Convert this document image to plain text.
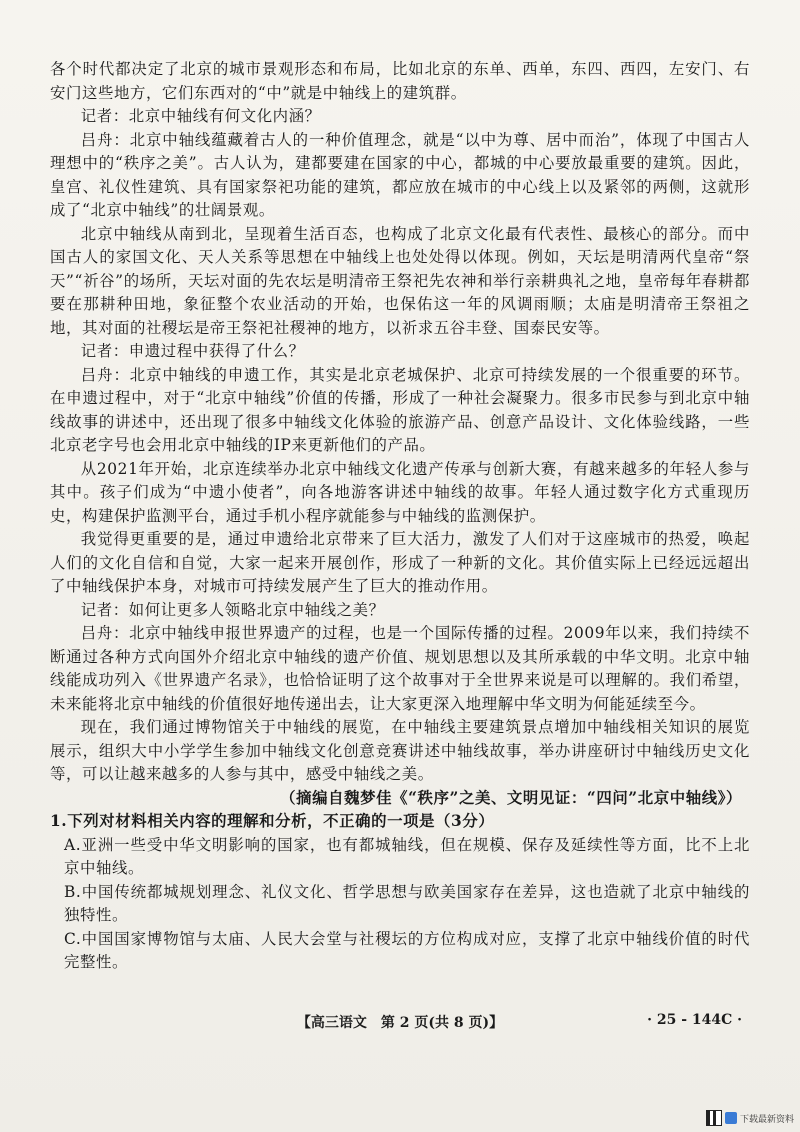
各个时代都决定了北京的城市景观形态和布局，比如北京的东单、西单，东四、西四，左安门、右安门这些地方，它们东西对的“中”就是中轴线上的建筑群。

记者：北京中轴线有何文化内涵？

吕舟：北京中轴线蕴藏着古人的一种价值理念，就是“以中为尊、居中而治”，体现了中国古人理想中的“秩序之美”。古人认为，建都要建在国家的中心，都城的中心要放最重要的建筑。因此，皇宫、礼仪性建筑、具有国家祭祀功能的建筑，都应放在城市的中心线上以及紧邻的两侧，这就形成了“北京中轴线”的壮阔景观。

北京中轴线从南到北，呈现着生活百态，也构成了北京文化最有代表性、最核心的部分。而中国古人的家国文化、天人关系等思想在中轴线上也处处得以体现。例如，天坛是明清两代皇帝“祭天”“祈谷”的场所，天坛对面的先农坛是明清帝王祭祀先农神和举行亲耕典礼之地，皇帝每年春耕都要在那耕种田地，象征整个农业活动的开始，也保佑这一年的风调雨顺；太庙是明清帝王祭祖之地，其对面的社稷坛是帝王祭祀社稷神的地方，以祈求五谷丰登、国泰民安等。

记者：申遗过程中获得了什么？

吕舟：北京中轴线的申遗工作，其实是北京老城保护、北京可持续发展的一个很重要的环节。在申遗过程中，对于“北京中轴线”价值的传播，形成了一种社会凝聚力。很多市民参与到北京中轴线故事的讲述中，还出现了很多中轴线文化体验的旅游产品、创意产品设计、文化体验线路，一些北京老字号也会用北京中轴线的IP来更新他们的产品。

从2021年开始，北京连续举办北京中轴线文化遗产传承与创新大赛，有越来越多的年轻人参与其中。孩子们成为“中遗小使者”，向各地游客讲述中轴线的故事。年轻人通过数字化方式重现历史，构建保护监测平台，通过手机小程序就能参与中轴线的监测保护。

我觉得更重要的是，通过申遗给北京带来了巨大活力，激发了人们对于这座城市的热爱，唤起人们的文化自信和自觉，大家一起来开展创作，形成了一种新的文化。其价值实际上已经远远超出了中轴线保护本身，对城市可持续发展产生了巨大的推动作用。

记者：如何让更多人领略北京中轴线之美？

吕舟：北京中轴线申报世界遗产的过程，也是一个国际传播的过程。2009年以来，我们持续不断通过各种方式向国外介绍北京中轴线的遗产价值、规划思想以及其所承载的中华文明。北京中轴线能成功列入《世界遗产名录》，也恰恰证明了这个故事对于全世界来说是可以理解的。我们希望，未来能将北京中轴线的价值很好地传递出去，让大家更深入地理解中华文明为何能延续至今。

现在，我们通过博物馆关于中轴线的展览，在中轴线主要建筑景点增加中轴线相关知识的展览展示，组织大中小学学生参加中轴线文化创意竞赛讲述中轴线故事，举办讲座研讨中轴线历史文化等，可以让越来越多的人参与其中，感受中轴线之美。

（摘编自魏梦佳《“秩序”之美、文明见证：“四问”北京中轴线》）

1.下列对材料相关内容的理解和分析，不正确的一项是（3分）

A.亚洲一些受中华文明影响的国家，也有都城轴线，但在规模、保存及延续性等方面，比不上北京中轴线。

B.中国传统都城规划理念、礼仪文化、哲学思想与欧美国家存在差异，这也造就了北京中轴线的独特性。

C.中国国家博物馆与太庙、人民大会堂与社稷坛的方位构成对应，支撑了北京中轴线价值的时代完整性。

【高三语文　第 2 页(共 8 页)】	· 25 - 144C ·
下载最新资料
